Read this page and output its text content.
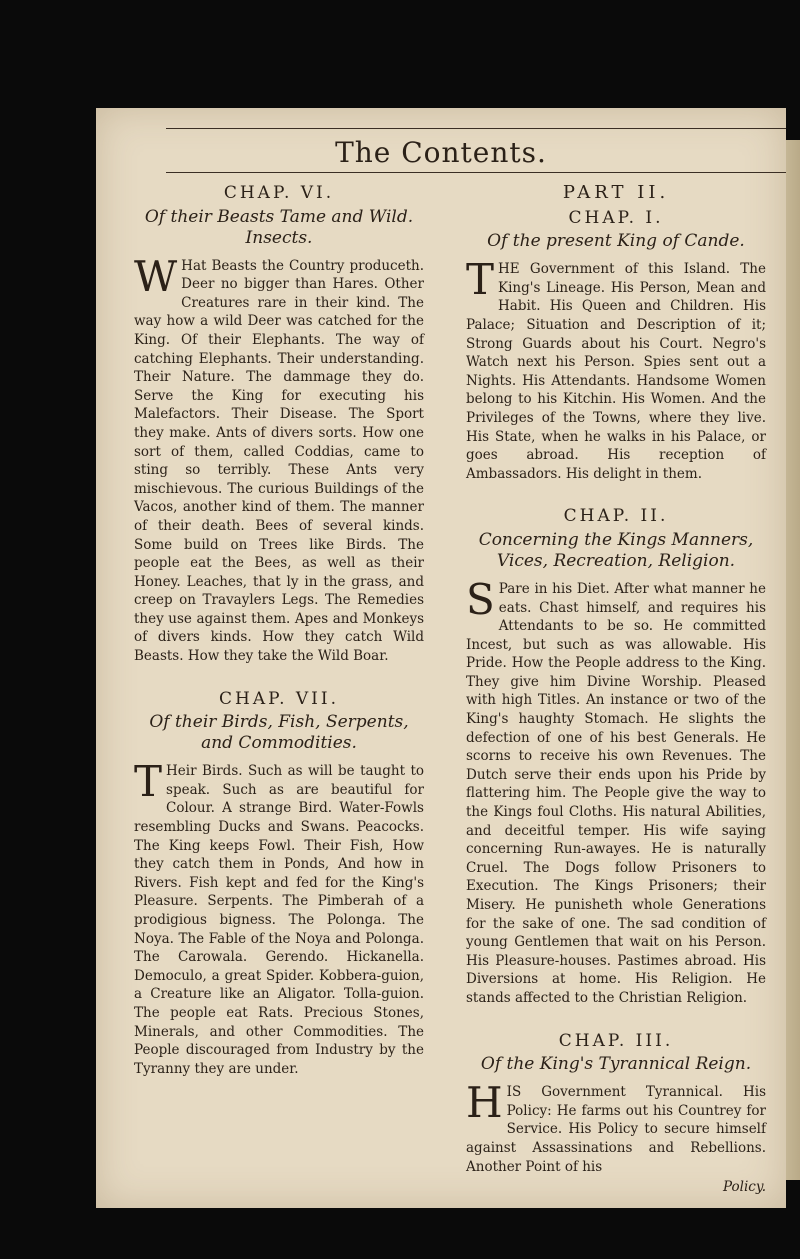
The Contents.
CHAP. VI.
Of their Beasts Tame and Wild. Insects.
W Hat Beasts the Country produceth. Deer no bigger than Hares. Other Creatures rare in their kind. The way how a wild Deer was catched for the King. Of their Elephants. The way of catching Elephants. Their understanding. Their Nature. The dammage they do. Serve the King for executing his Malefactors. Their Disease. The Sport they make. Ants of divers sorts. How one sort of them, called Coddias, came to sting so terribly. These Ants very mischievous. The curious Buildings of the Vacos, another kind of them. The manner of their death. Bees of several kinds. Some build on Trees like Birds. The people eat the Bees, as well as their Honey. Leaches, that ly in the grass, and creep on Travaylers Legs. The Remedies they use against them. Apes and Monkeys of divers kinds. How they catch Wild Beasts. How they take the Wild Boar.
CHAP. VII.
Of their Birds, Fish, Serpents, and Commodities.
T Heir Birds. Such as will be taught to speak. Such as are beautiful for Colour. A strange Bird. Water-Fowls resembling Ducks and Swans. Peacocks. The King keeps Fowl. Their Fish, How they catch them in Ponds, And how in Rivers. Fish kept and fed for the King's Pleasure. Serpents. The Pimberah of a prodigious bigness. The Polonga. The Noya. The Fable of the Noya and Polonga. The Carowala. Gerendo. Hickanella. Democulo, a great Spider. Kobbera-guion, a Creature like an Aligator. Tolla-guion. The people eat Rats. Precious Stones, Minerals, and other Commodities. The People discouraged from Industry by the Tyranny they are under.
PART II.
CHAP. I.
Of the present King of Cande.
THE Government of this Island. The King's Lineage. His Person, Mean and Habit. His Queen and Children. His Palace; Situation and Description of it; Strong Guards about his Court. Negro's Watch next his Person. Spies sent out a Nights. His Attendants. Handsome Women belong to his Kitchin. His Women. And the Privileges of the Towns, where they live. His State, when he walks in his Palace, or goes abroad. His reception of Ambassadors. His delight in them.
CHAP. II.
Concerning the Kings Manners, Vices, Recreation, Religion.
S Pare in his Diet. After what manner he eats. Chast himself, and requires his Attendants to be so. He committed Incest, but such as was allowable. His Pride. How the People address to the King. They give him Divine Worship. Pleased with high Titles. An instance or two of the King's haughty Stomach. He slights the defection of one of his best Generals. He scorns to receive his own Revenues. The Dutch serve their ends upon his Pride by flattering him. The People give the way to the Kings foul Cloths. His natural Abilities, and deceitful temper. His wife saying concerning Run-awayes. He is naturally Cruel. The Dogs follow Prisoners to Execution. The Kings Prisoners; their Misery. He punisheth whole Generations for the sake of one. The sad condition of young Gentlemen that wait on his Person. His Pleasure-houses. Pastimes abroad. His Diversions at home. His Religion. He stands affected to the Christian Religion.
CHAP. III.
Of the King's Tyrannical Reign.
HIS Government Tyrannical. His Policy: He farms out his Countrey for Service. His Policy to secure himself against Assassinations and Rebellions. Another Point of his
Policy.
